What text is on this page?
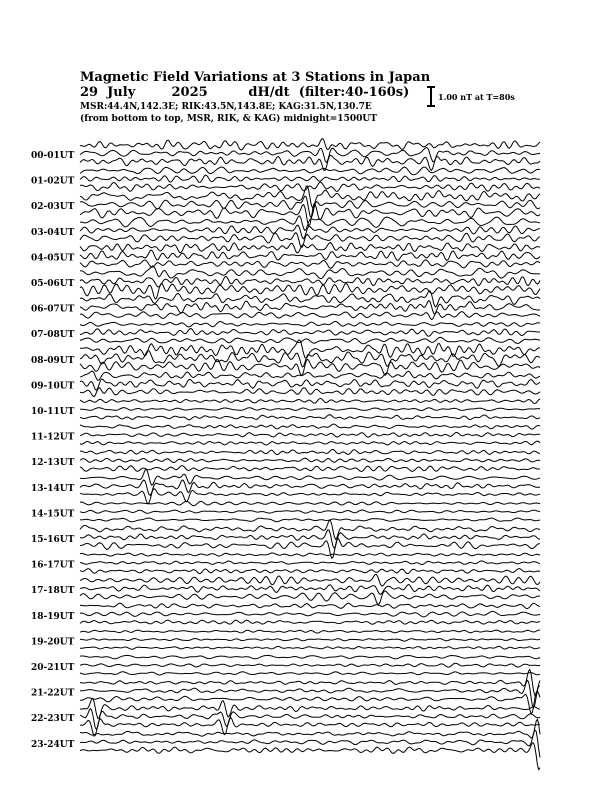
Magnetic Field Variations at 3 Stations in Japan
29 July	2025	dH/dt (filter:40-160s)
MSR:44.4N,142.3E; RIK:43.5N,143.8E; KAG:31.5N,130.7E
(from bottom to top, MSR, RIK, & KAG) midnight=1500UT
1.00 nT at T=80s
00-01UT
01-02UT
02-03UT
03-04UT
04-05UT
05-06UT
06-07UT
07-08UT
08-09UT
09-10UT
10-11UT
11-12UT
12-13UT
13-14UT
14-15UT
15-16UT
16-17UT
17-18UT
18-19UT
19-20UT
20-21UT
21-22UT
22-23UT
23-24UT
